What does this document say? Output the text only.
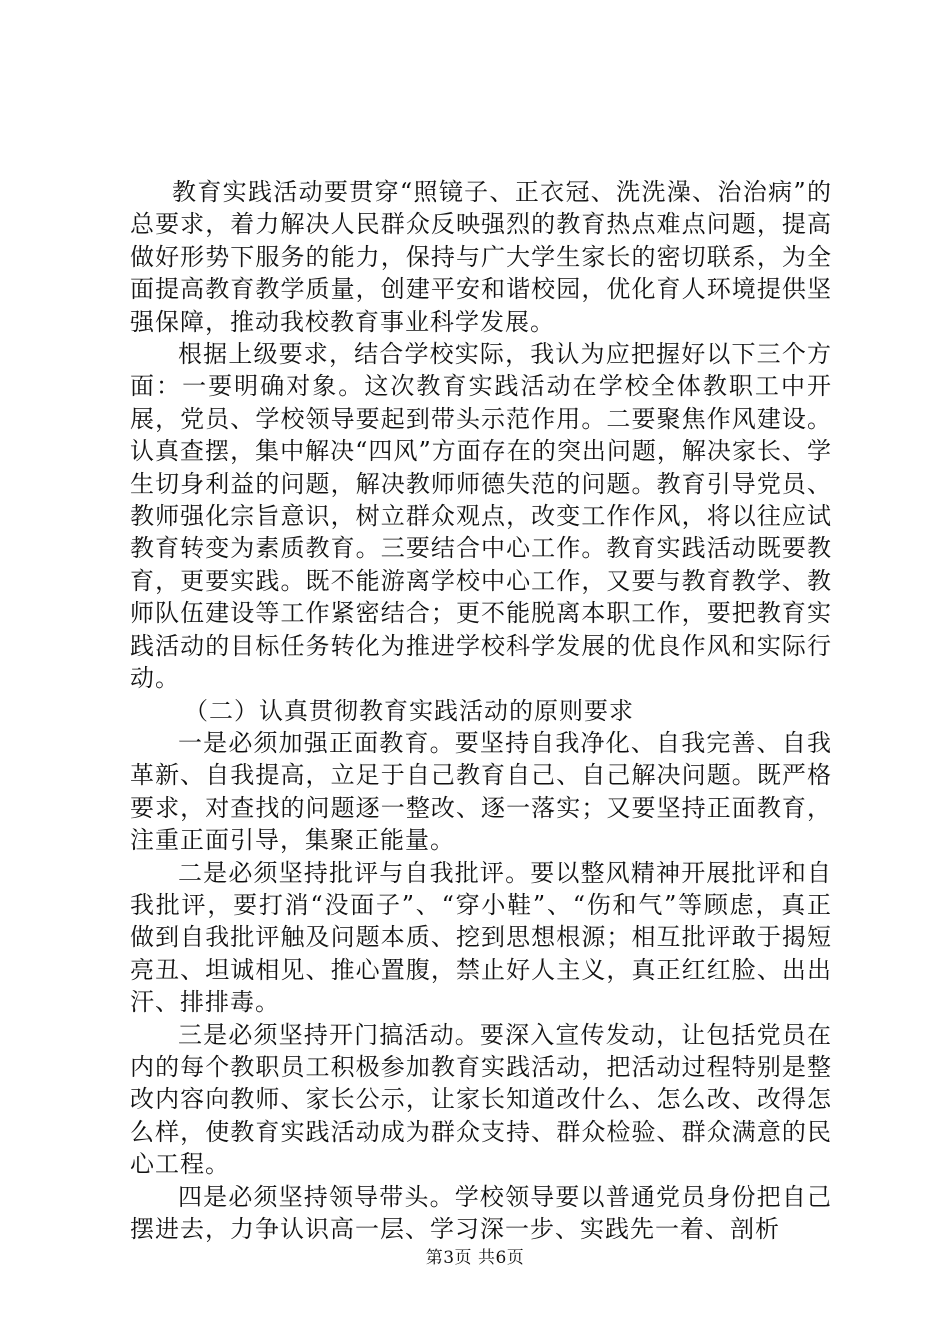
教育实践活动要贯穿“照镜子、正衣冠、洗洗澡、治治病”的总要求，着力解决人民群众反映强烈的教育热点难点问题，提高做好形势下服务的能力，保持与广大学生家长的密切联系，为全面提高教育教学质量，创建平安和谐校园，优化育人环境提供坚强保障，推动我校教育事业科学发展。

根据上级要求，结合学校实际，我认为应把握好以下三个方面：一要明确对象。这次教育实践活动在学校全体教职工中开展，党员、学校领导要起到带头示范作用。二要聚焦作风建设。认真查摆，集中解决“四风”方面存在的突出问题，解决家长、学生切身利益的问题，解决教师师德失范的问题。教育引导党员、教师强化宗旨意识，树立群众观点，改变工作作风，将以往应试教育转变为素质教育。三要结合中心工作。教育实践活动既要教育，更要实践。既不能游离学校中心工作，又要与教育教学、教师队伍建设等工作紧密结合；更不能脱离本职工作，要把教育实践活动的目标任务转化为推进学校科学发展的优良作风和实际行动。

（二）认真贯彻教育实践活动的原则要求

一是必须加强正面教育。要坚持自我净化、自我完善、自我革新、自我提高，立足于自己教育自己、自己解决问题。既严格要求，对查找的问题逐一整改、逐一落实；又要坚持正面教育，注重正面引导，集聚正能量。

二是必须坚持批评与自我批评。要以整风精神开展批评和自我批评，要打消“没面子”、“穿小鞋”、“伤和气”等顾虑，真正做到自我批评触及问题本质、挖到思想根源；相互批评敢于揭短亮丑、坦诚相见、推心置腹，禁止好人主义，真正红红脸、出出汗、排排毒。

三是必须坚持开门搞活动。要深入宣传发动，让包括党员在内的每个教职员工积极参加教育实践活动，把活动过程特别是整改内容向教师、家长公示，让家长知道改什么、怎么改、改得怎么样，使教育实践活动成为群众支持、群众检验、群众满意的民心工程。

四是必须坚持领导带头。学校领导要以普通党员身份把自己摆进去，力争认识高一层、学习深一步、实践先一着、剖析

第3页 共6页
